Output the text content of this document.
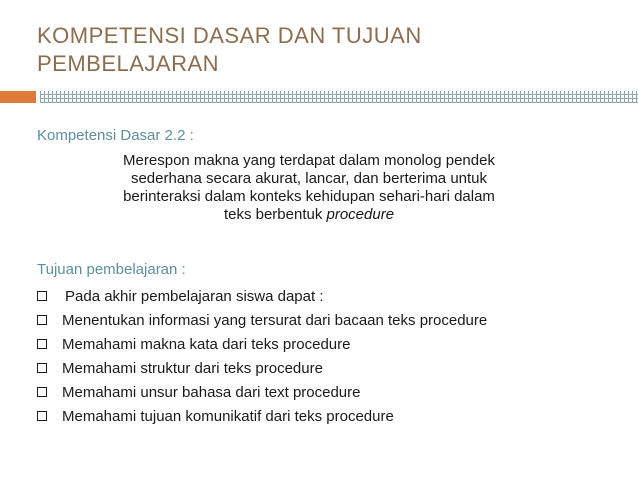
KOMPETENSI DASAR DAN TUJUAN
PEMBELAJARAN
Kompetensi Dasar 2.2 :
Merespon makna yang terdapat dalam monolog pendek
sederhana secara akurat, lancar, dan berterima untuk
berinteraksi dalam konteks kehidupan sehari-hari dalam
teks berbentuk procedure
Tujuan pembelajaran :
Pada akhir pembelajaran siswa dapat :
Menentukan informasi yang tersurat dari bacaan teks procedure
Memahami makna kata dari teks procedure
Memahami struktur dari teks procedure
Memahami unsur bahasa dari text procedure
Memahami tujuan komunikatif dari teks procedure
